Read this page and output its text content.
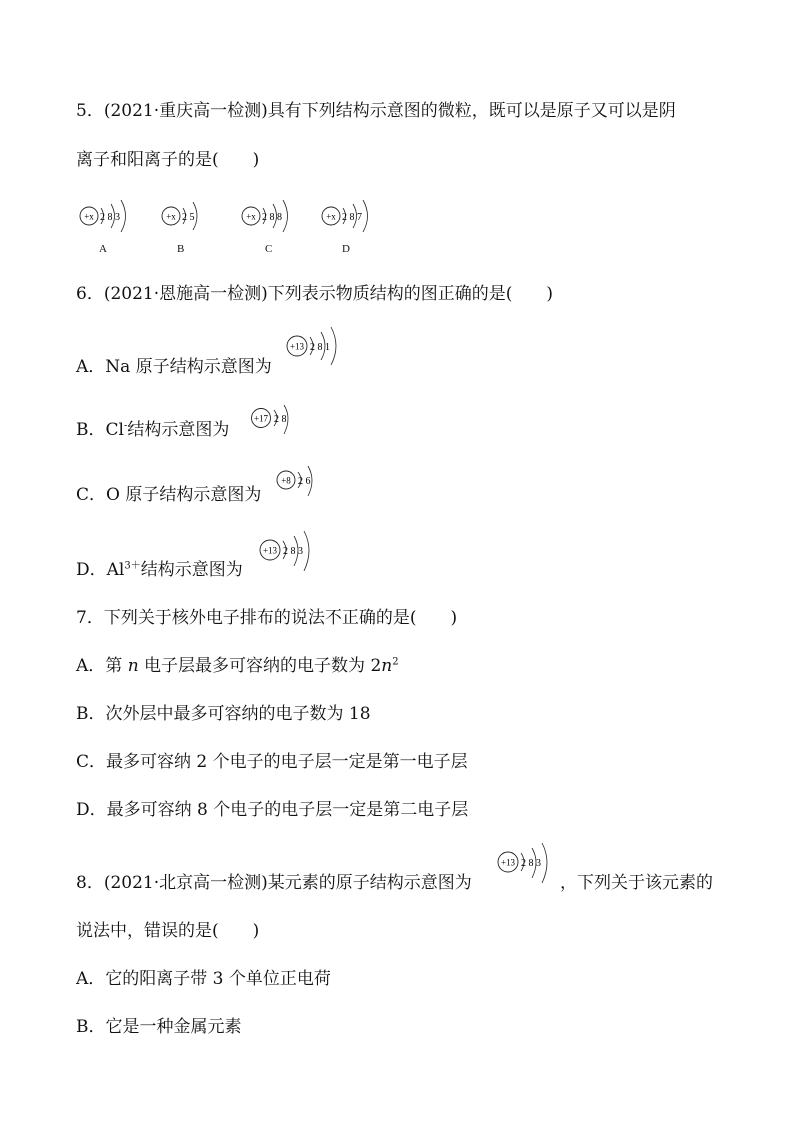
5．(2021·重庆高一检测)具有下列结构示意图的微粒，既可以是原子又可以是阴
离子和阳离子的是(　　)
+x 2 8 3
A
+x 2 5
B
+x 2 8 8
C
+x 2 8 7
D
6．(2021·恩施高一检测)下列表示物质结构的图正确的是(　　)
A．Na 原子结构示意图为
+13 2 8 1
B．Cl-结构示意图为
+17 2 8
C．O 原子结构示意图为
+8 2 6
D．$Al^{3+}$结构示意图为
+13 2 8 3
7．下列关于核外电子排布的说法不正确的是(　　)
A．第 n 电子层最多可容纳的电子数为 $2n^2$
B．次外层中最多可容纳的电子数为 18
C．最多可容纳 2 个电子的电子层一定是第一电子层
D．最多可容纳 8 个电子的电子层一定是第二电子层
8．(2021·北京高一检测)某元素的原子结构示意图为
+13 2 8 3
，下列关于该元素的
说法中，错误的是(　　)
A．它的阳离子带 3 个单位正电荷
B．它是一种金属元素
